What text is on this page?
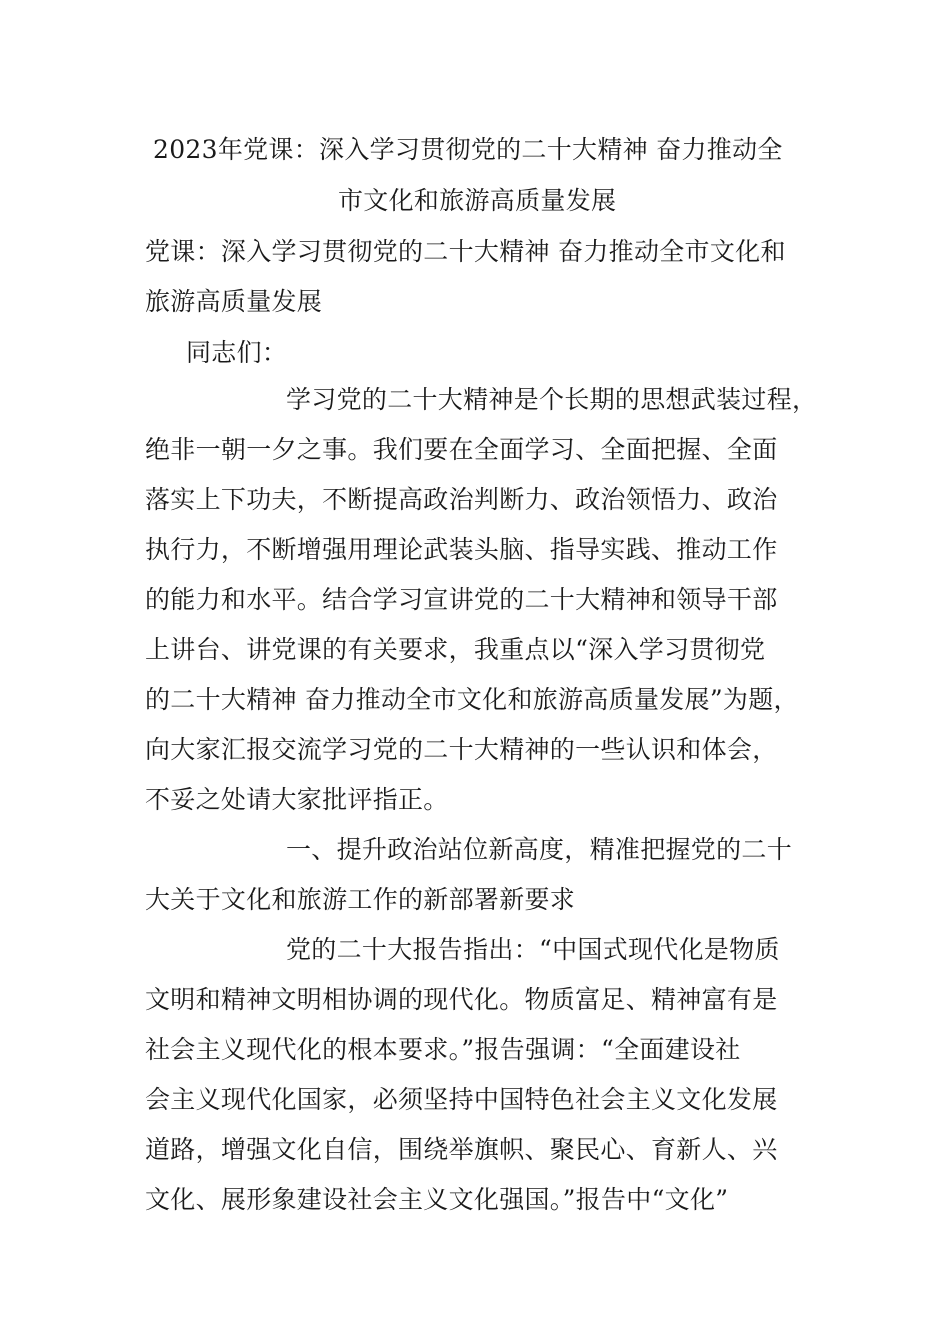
2023年党课：深入学习贯彻党的二十大精神 奋力推动全
市文化和旅游高质量发展
党课：深入学习贯彻党的二十大精神 奋力推动全市文化和
旅游高质量发展
同志们：
学习党的二十大精神是个长期的思想武装过程，
绝非一朝一夕之事。我们要在全面学习、全面把握、全面
落实上下功夫，不断提高政治判断力、政治领悟力、政治
执行力，不断增强用理论武装头脑、指导实践、推动工作
的能力和水平。结合学习宣讲党的二十大精神和领导干部
上讲台、讲党课的有关要求，我重点以“深入学习贯彻党
的二十大精神 奋力推动全市文化和旅游高质量发展”为题，
向大家汇报交流学习党的二十大精神的一些认识和体会，
不妥之处请大家批评指正。
一、提升政治站位新高度，精准把握党的二十
大关于文化和旅游工作的新部署新要求
党的二十大报告指出：“中国式现代化是物质
文明和精神文明相协调的现代化。物质富足、精神富有是
社会主义现代化的根本要求。”报告强调：“全面建设社
会主义现代化国家，必须坚持中国特色社会主义文化发展
道路，增强文化自信，围绕举旗帜、聚民心、育新人、兴
文化、展形象建设社会主义文化强国。”报告中“文化”
